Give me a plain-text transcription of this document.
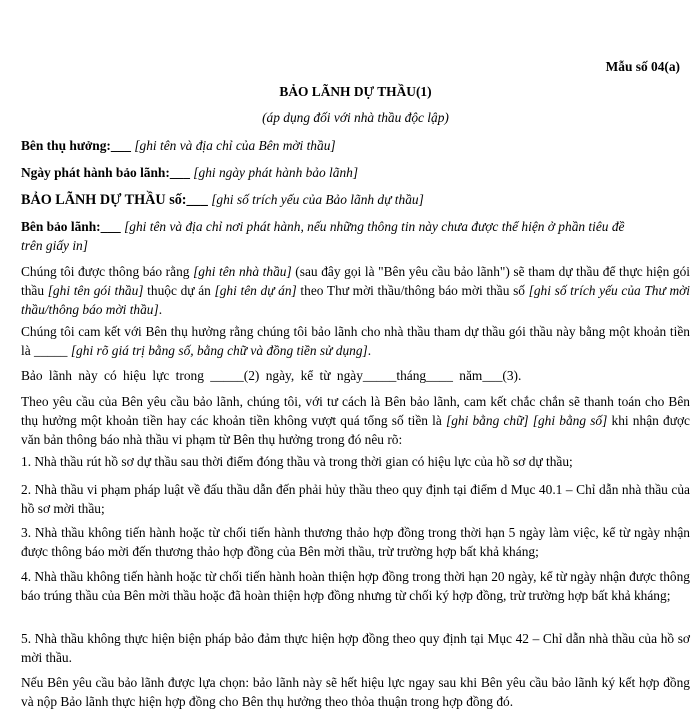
Mẫu số 04(a)
BẢO LÃNH DỰ THẦU(1)
(áp dụng đối với nhà thầu độc lập)
Bên thụ hưởng:___ [ghi tên và địa chỉ của Bên mời thầu]
Ngày phát hành bảo lãnh:___ [ghi ngày phát hành bảo lãnh]
BẢO LÃNH DỰ THẦU số:___ [ghi số trích yếu của Bảo lãnh dự thầu]
Bên bảo lãnh:___ [ghi tên và địa chỉ nơi phát hành, nếu những thông tin này chưa được thể hiện ở phần tiêu đề
trên giấy in]
Chúng tôi được thông báo rằng [ghi tên nhà thầu] (sau đây gọi là "Bên yêu cầu bảo lãnh") sẽ tham dự thầu để thực hiện gói thầu [ghi tên gói thầu] thuộc dự án [ghi tên dự án] theo Thư mời thầu/thông báo mời thầu số [ghi số trích yếu của Thư mời thầu/thông báo mời thầu].
Chúng tôi cam kết với Bên thụ hưởng rằng chúng tôi bảo lãnh cho nhà thầu tham dự thầu gói thầu này bằng một khoản tiền là _____ [ghi rõ giá trị bằng số, bằng chữ và đồng tiền sử dụng].
Bảo lãnh này có hiệu lực trong _____(2) ngày, kể từ ngày_____tháng____ năm___(3).
Theo yêu cầu của Bên yêu cầu bảo lãnh, chúng tôi, với tư cách là Bên bảo lãnh, cam kết chắc chắn sẽ thanh toán cho Bên thụ hưởng một khoản tiền hay các khoản tiền không vượt quá tổng số tiền là [ghi bằng chữ] [ghi bằng số] khi nhận được văn bản thông báo nhà thầu vi phạm từ Bên thụ hưởng trong đó nêu rõ:
1. Nhà thầu rút hồ sơ dự thầu sau thời điểm đóng thầu và trong thời gian có hiệu lực của hồ sơ dự thầu;
2. Nhà thầu vi phạm pháp luật về đấu thầu dẫn đến phải hủy thầu theo quy định tại điểm d Mục 40.1 – Chỉ dẫn nhà thầu của hồ sơ mời thầu;
3. Nhà thầu không tiến hành hoặc từ chối tiến hành thương thảo hợp đồng trong thời hạn 5 ngày làm việc, kể từ ngày nhận được thông báo mời đến thương thảo hợp đồng của Bên mời thầu, trừ trường hợp bất khả kháng;
4. Nhà thầu không tiến hành hoặc từ chối tiến hành hoàn thiện hợp đồng trong thời hạn 20 ngày, kể từ ngày nhận được thông báo trúng thầu của Bên mời thầu hoặc đã hoàn thiện hợp đồng nhưng từ chối ký hợp đồng, trừ trường hợp bất khả kháng;
5. Nhà thầu không thực hiện biện pháp bảo đảm thực hiện hợp đồng theo quy định tại Mục 42 – Chỉ dẫn nhà thầu của hồ sơ mời thầu.
Nếu Bên yêu cầu bảo lãnh được lựa chọn: bảo lãnh này sẽ hết hiệu lực ngay sau khi Bên yêu cầu bảo lãnh ký kết hợp đồng và nộp Bảo lãnh thực hiện hợp đồng cho Bên thụ hưởng theo thỏa thuận trong hợp đồng đó.
